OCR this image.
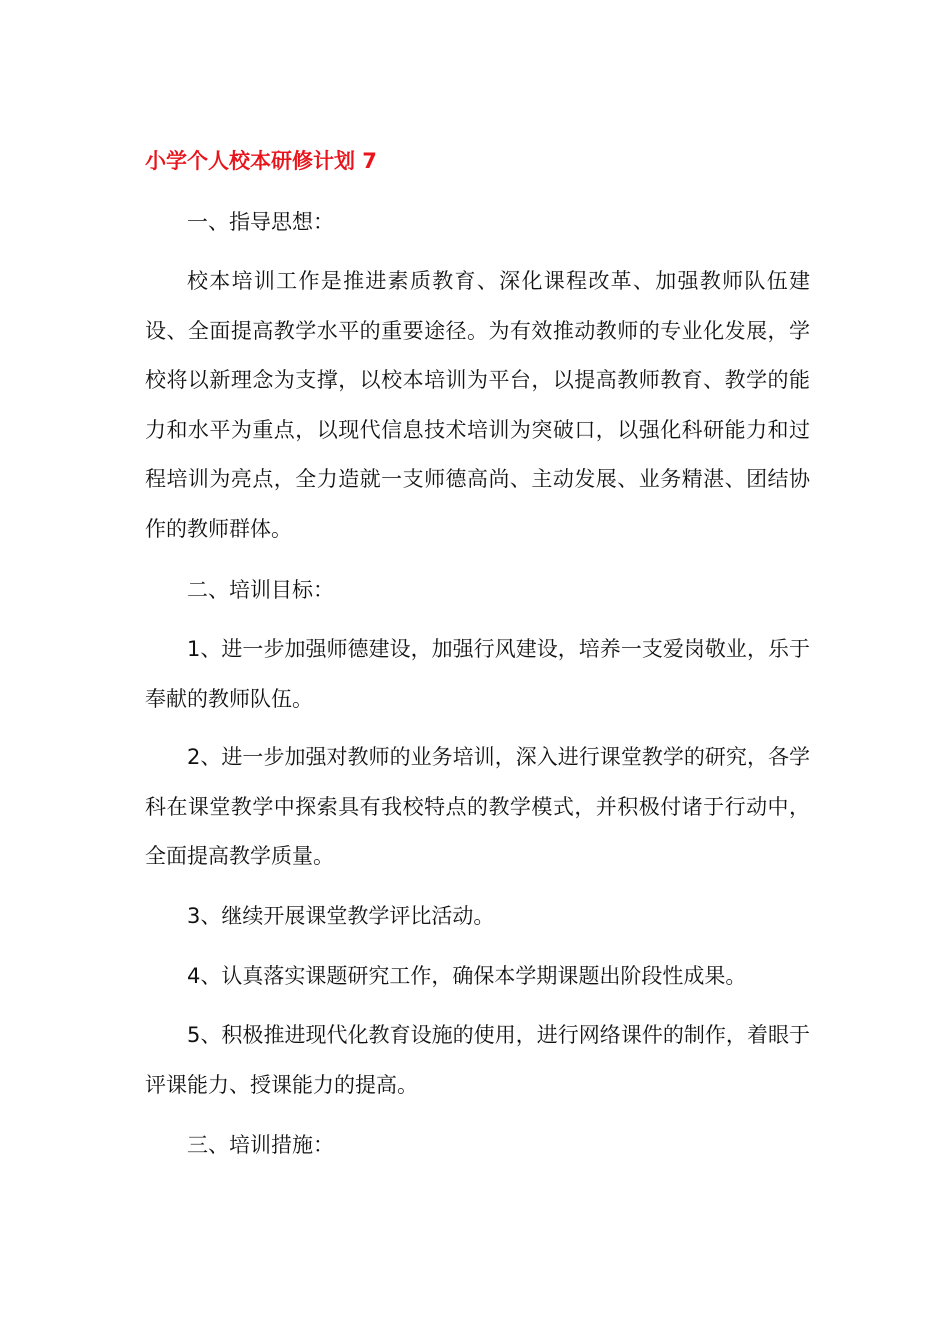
小学个人校本研修计划 7

一、指导思想：

校本培训工作是推进素质教育、深化课程改革、加强教师队伍建设、全面提高教学水平的重要途径。为有效推动教师的专业化发展，学校将以新理念为支撑，以校本培训为平台，以提高教师教育、教学的能力和水平为重点，以现代信息技术培训为突破口，以强化科研能力和过程培训为亮点，全力造就一支师德高尚、主动发展、业务精湛、团结协作的教师群体。

二、培训目标：

1、进一步加强师德建设，加强行风建设，培养一支爱岗敬业，乐于奉献的教师队伍。

2、进一步加强对教师的业务培训，深入进行课堂教学的研究，各学科在课堂教学中探索具有我校特点的教学模式，并积极付诸于行动中，全面提高教学质量。

3、继续开展课堂教学评比活动。

4、认真落实课题研究工作，确保本学期课题出阶段性成果。

5、积极推进现代化教育设施的使用，进行网络课件的制作，着眼于评课能力、授课能力的提高。

三、培训措施：
